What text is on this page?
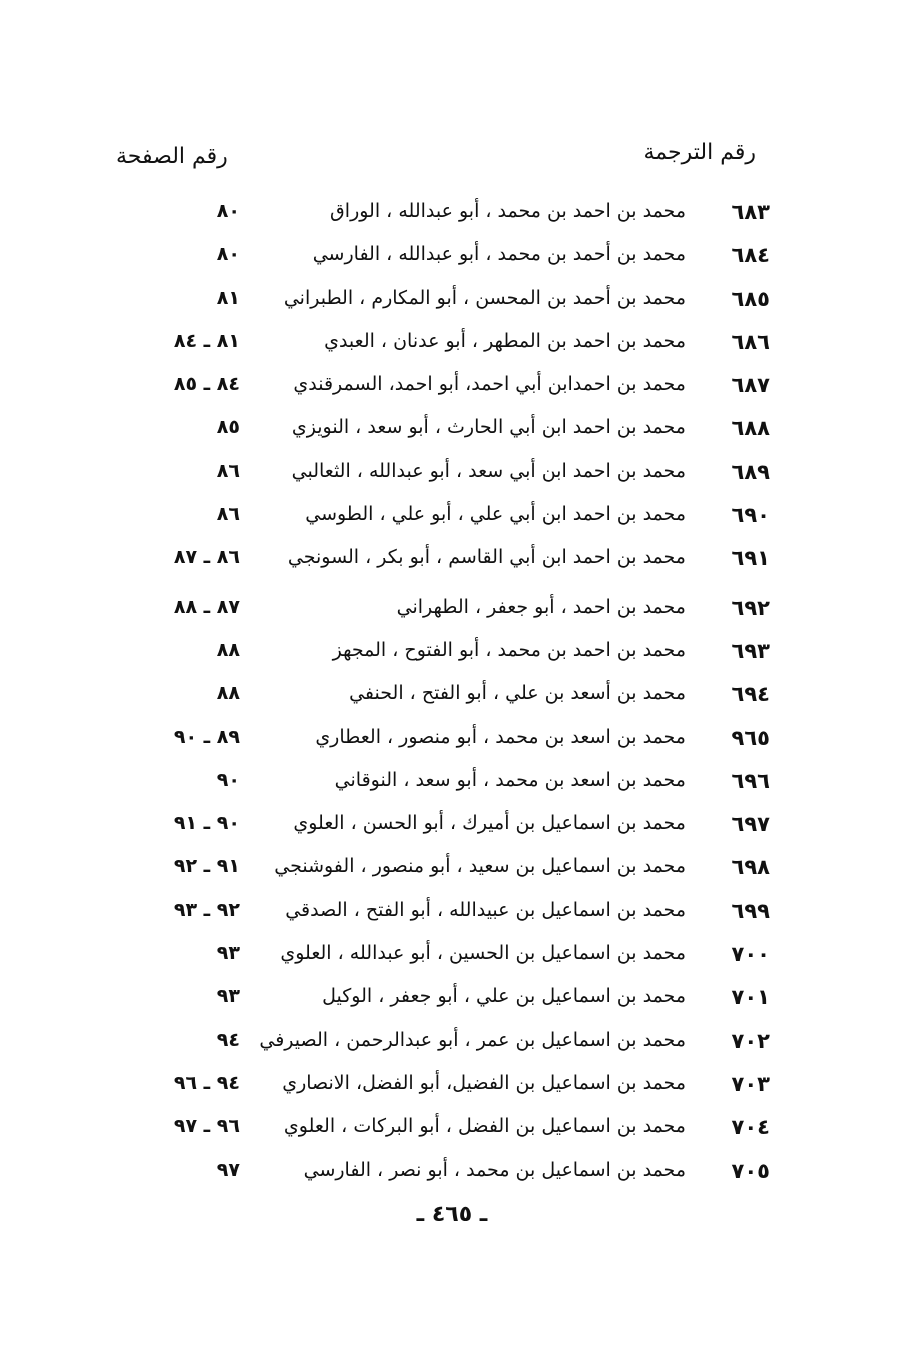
رقم الترجمة
رقم الصفحة
٦٨٣
محمد بن احمد بن محمد ، أبو عبدالله ، الوراق
٨٠
٦٨٤
محمد بن أحمد بن محمد ، أبو عبدالله ، الفارسي
٨٠
٦٨٥
محمد بن أحمد بن المحسن ، أبو المكارم ، الطبراني
٨١
٦٨٦
محمد بن احمد بن المطهر ، أبو عدنان ، العبدي
٨١ ـ ٨٤
٦٨٧
محمد بن احمدابن أبي احمد، أبو احمد، السمرقندي
٨٤ ـ ٨٥
٦٨٨
محمد بن احمد ابن أبي الحارث ، أبو سعد ، النويزي
٨٥
٦٨٩
محمد بن احمد ابن أبي سعد ، أبو عبدالله ، الثعالبي
٨٦
٦٩٠
محمد بن احمد ابن أبي علي ، أبو علي ، الطوسي
٨٦
٦٩١
محمد بن احمد ابن أبي القاسم ، أبو بكر ، السونجي
٨٦ ـ ٨٧
٦٩٢
محمد بن احمد ، أبو جعفر ، الطهراني
٨٧ ـ ٨٨
٦٩٣
محمد بن احمد بن محمد ، أبو الفتوح ، المجهز
٨٨
٦٩٤
محمد بن أسعد بن علي ، أبو الفتح ، الحنفي
٨٨
٩٦٥
محمد بن اسعد بن محمد ، أبو منصور ، العطاري
٨٩ ـ ٩٠
٦٩٦
محمد بن اسعد بن محمد ، أبو سعد ، النوقاني
٩٠
٦٩٧
محمد بن اسماعيل بن أميرك ، أبو الحسن ، العلوي
٩٠ ـ ٩١
٦٩٨
محمد بن اسماعيل بن سعيد ، أبو منصور ، الفوشنجي
٩١ ـ ٩٢
٦٩٩
محمد بن اسماعيل بن عبيدالله ، أبو الفتح ، الصدقي
٩٢ ـ ٩٣
٧٠٠
محمد بن اسماعيل بن الحسين ، أبو عبدالله ، العلوي
٩٣
٧٠١
محمد بن اسماعيل بن علي ، أبو جعفر ، الوكيل
٩٣
٧٠٢
محمد بن اسماعيل بن عمر ، أبو عبدالرحمن ، الصيرفي
٩٤
٧٠٣
محمد بن اسماعيل بن الفضيل، أبو الفضل، الانصاري
٩٤ ـ ٩٦
٧٠٤
محمد بن اسماعيل بن الفضل ، أبو البركات ، العلوي
٩٦ ـ ٩٧
٧٠٥
محمد بن اسماعيل بن محمد ، أبو نصر ، الفارسي
٩٧
ـ ٤٦٥ ـ
